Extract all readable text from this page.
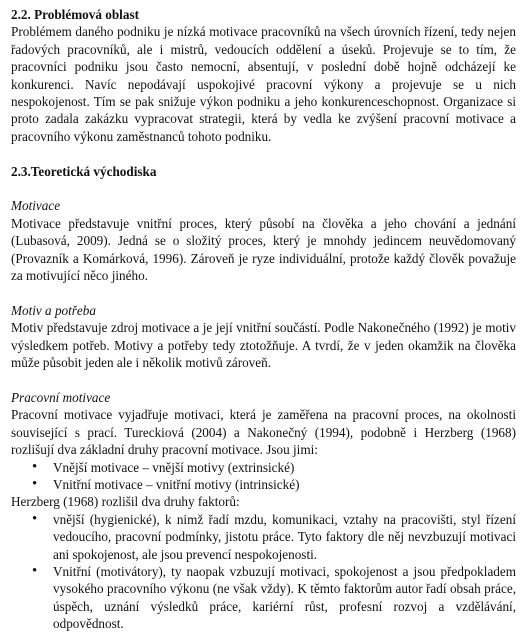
2.2. Problémová oblast

Problémem daného podniku je nízká motivace pracovníků na všech úrovních řízení, tedy nejen řadových pracovníků, ale i mistrů, vedoucích oddělení a úseků. Projevuje se to tím, že pracovníci podniku jsou často nemocní, absentují, v poslední době hojně odcházejí ke konkurenci. Navíc nepodávají uspokojivé pracovní výkony a projevuje se u nich nespokojenost. Tím se pak snižuje výkon podniku a jeho konkurenceschopnost. Organizace si proto zadala zakázku vypracovat strategii, která by vedla ke zvýšení pracovní motivace a pracovního výkonu zaměstnanců tohoto podniku.

2.3.Teoretická východiska

Motivace

Motivace představuje vnitřní proces, který působí na člověka a jeho chování a jednání (Lubasová, 2009). Jedná se o složitý proces, který je mnohdy jedincem neuvědomovaný (Provazník a Komárková, 1996). Zároveň je ryze individuální, protože každý člověk považuje za motivující něco jiného.

Motiv a potřeba

Motiv představuje zdroj motivace a je její vnitřní součástí. Podle Nakonečného (1992) je motiv výsledkem potřeb. Motivy a potřeby tedy ztotožňuje. A tvrdí, že v jeden okamžik na člověka může působit jeden ale i několik motivů zároveň.

Pracovní motivace

Pracovní motivace vyjadřuje motivaci, která je zaměřena na pracovní proces, na okolnosti související s prací. Tureckiová (2004) a Nakonečný (1994), podobně i Herzberg (1968) rozlišují dva základní druhy pracovní motivace. Jsou jimi:

• Vnější motivace – vnější motivy (extrinsické)
• Vnitřní motivace – vnitřní motivy (intrinsické)

Herzberg (1968) rozlišil dva druhy faktorů:

• vnější (hygienické), k nimž řadí mzdu, komunikaci, vztahy na pracovišti, styl řízení vedoucího, pracovní podmínky, jistotu práce. Tyto faktory dle něj nevzbuzují motivaci ani spokojenost, ale jsou prevencí nespokojenosti.
• Vnitřní (motivátory), ty naopak vzbuzují motivaci, spokojenost a jsou předpokladem vysokého pracovního výkonu (ne však vždy). K těmto faktorům autor řadí obsah práce, úspěch, uznání výsledků práce, kariérní růst, profesní rozvoj a vzdělávání, odpovědnost.
